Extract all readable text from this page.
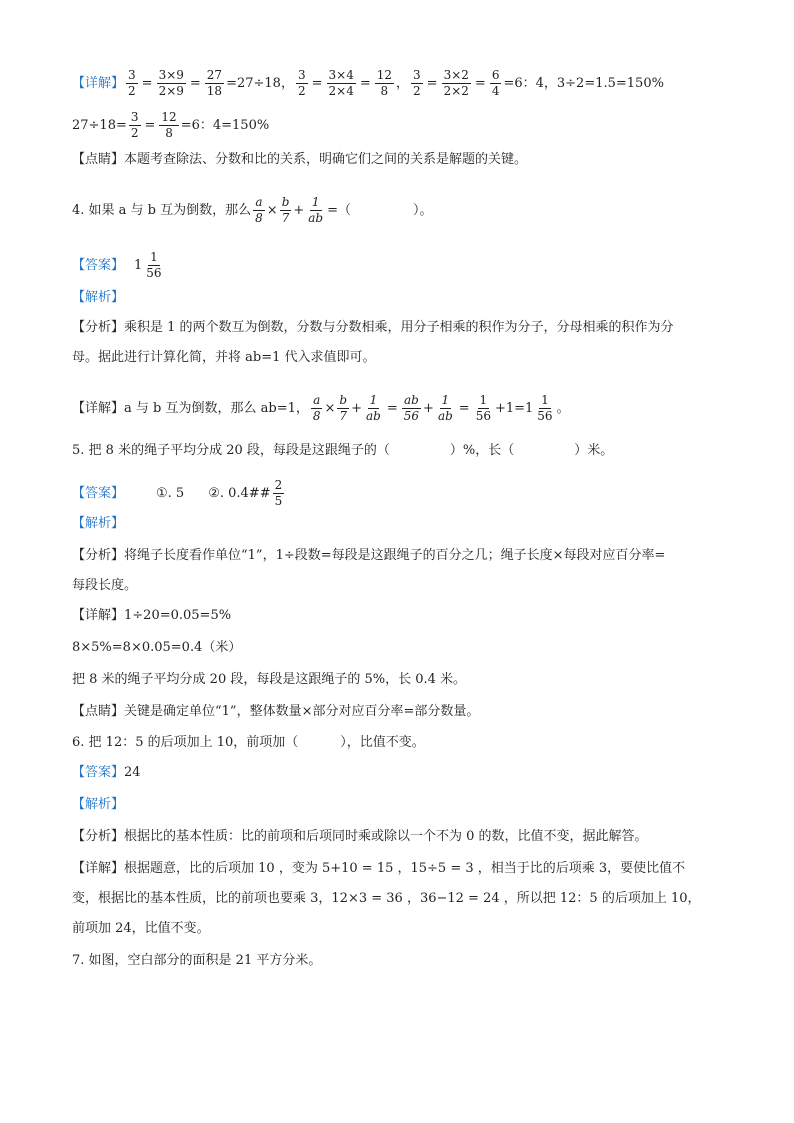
【详解】 $\frac{3}{2} = \frac{3\times 9}{2\times 9} = \frac{27}{18} =27\div 18$， $\frac{3}{2} = \frac{3\times 4}{2\times 4} = \frac{12}{8}$ ， $\frac{3}{2} = \frac{3\times 2}{2\times 2} = \frac{6}{4} =6$：4，3÷2=1.5=150%
$27\div 18= \frac{3}{2} = \frac{12}{8} =6$：4=150%
【点睛】 本题考查除法、分数和比的关系，明确它们之间的关系是解题的关键。
4. 如果 a 与 b 互为倒数，那么 $\frac{a}{8} \times \frac{b}{7} + \frac{1}{ab}$ =（	）。
【答案】 $1 \frac{1}{56}$
【解析】
【分析】 乘积是 1 的两个数互为倒数，分数与分数相乘，用分子相乘的积作为分子，分母相乘的积作为分
母。据此进行计算化简，并将 ab=1 代入求值即可。
【详解】 a 与 b 互为倒数，那么 ab=1， $\frac{a}{8} \times \frac{b}{7} + \frac{1}{ab} = \frac{ab}{56} + \frac{1}{ab} = \frac{1}{56} +1=1 \frac{1}{56}$ 。
5. 把 8 米的绳子平均分成 20 段，每段是这跟绳子的（	）%，长（	）米。
【答案】 ①. 5 ②. 0.4## $\frac{2}{5}$
【解析】
【分析】 将绳子长度看作单位“1”，1÷段数=每段是这跟绳子的百分之几；绳子长度×每段对应百分率=
每段长度。
【详解】 1÷20=0.05=5%
8×5%=8×0.05=0.4（米）
把 8 米的绳子平均分成 20 段，每段是这跟绳子的 5%，长 0.4 米。
【点睛】 关键是确定单位“1”，整体数量×部分对应百分率=部分数量。
6. 把 12：5 的后项加上 10，前项加（	），比值不变。
【答案】 24
【解析】
【分析】 根据比的基本性质：比的前项和后项同时乘或除以一个不为 0 的数，比值不变，据此解答。
【详解】 根据题意，比的后项加 10 ，变为 5+10 = 15 ，15÷5 = 3 ，相当于比的后项乘 3，要使比值不
变，根据比的基本性质，比的前项也要乘 3，12×3 = 36 ，36−12 = 24 ，所以把 12：5 的后项加上 10，
前项加 24，比值不变。
7. 如图，空白部分的面积是 21 平方分米。
